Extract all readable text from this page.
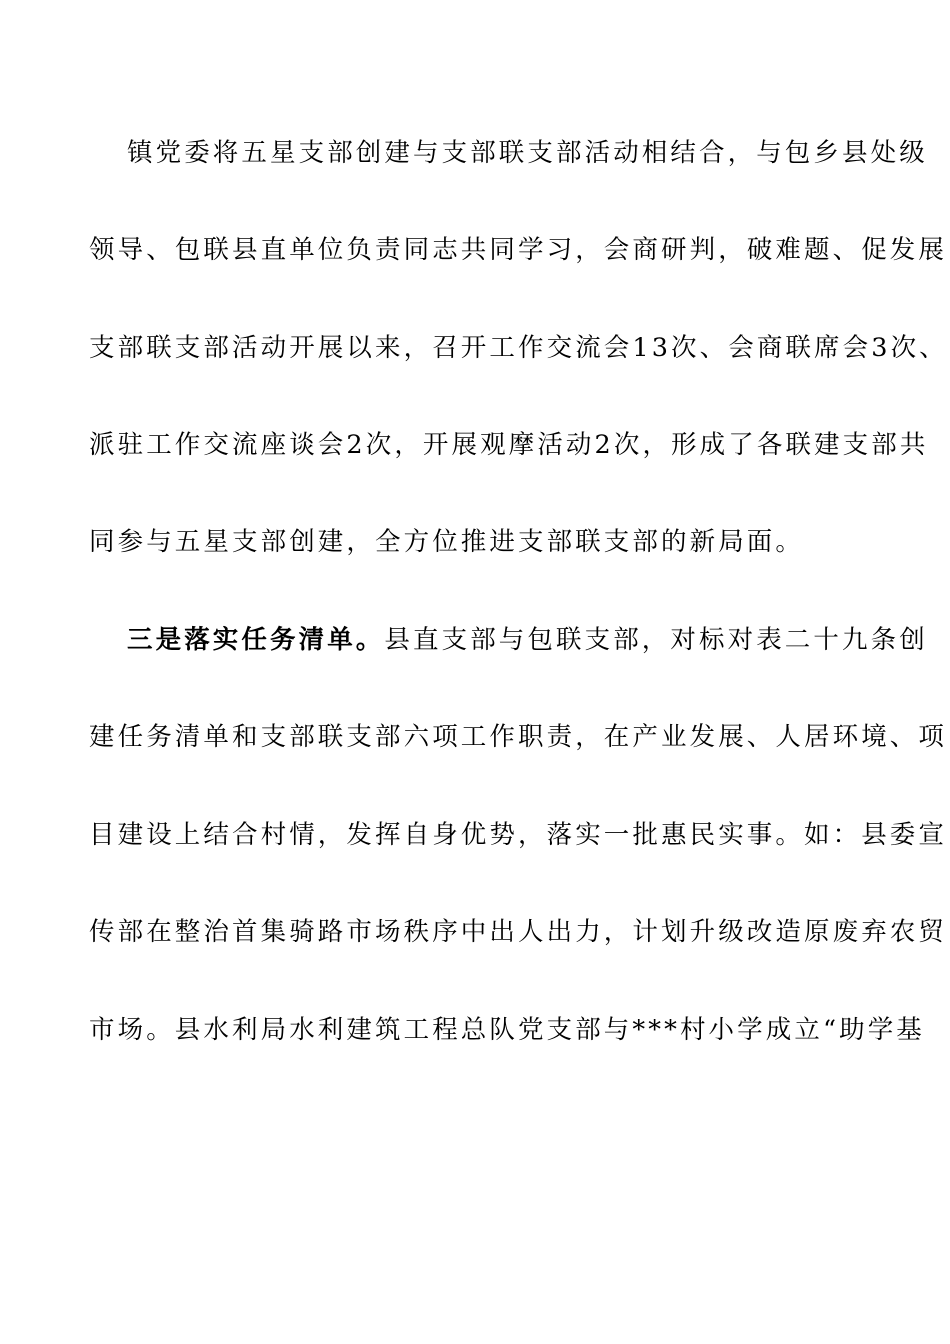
镇党委将五星支部创建与支部联支部活动相结合，与包乡县处级
领导、包联县直单位负责同志共同学习，会商研判，破难题、促发展
支部联支部活动开展以来，召开工作交流会13次、会商联席会3次、
派驻工作交流座谈会2次，开展观摩活动2次，形成了各联建支部共
同参与五星支部创建，全方位推进支部联支部的新局面。
三是落实任务清单。县直支部与包联支部，对标对表二十九条创
建任务清单和支部联支部六项工作职责，在产业发展、人居环境、项
目建设上结合村情，发挥自身优势，落实一批惠民实事。如：县委宣
传部在整治首集骑路市场秩序中出人出力，计划升级改造原废弃农贸
市场。县水利局水利建筑工程总队党支部与***村小学成立“助学基
